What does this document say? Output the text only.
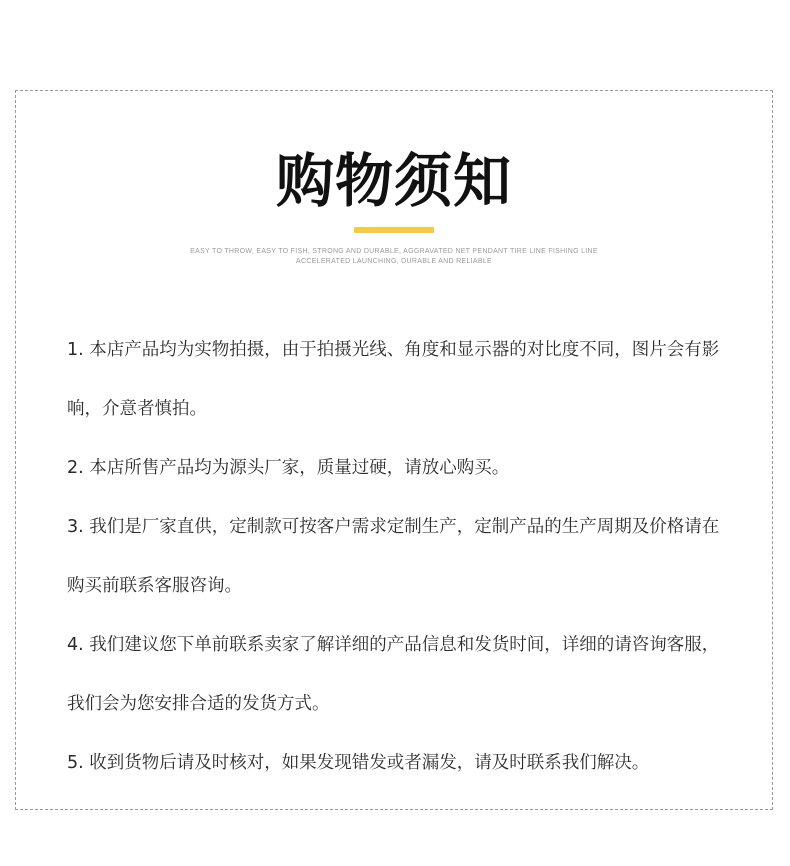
购物须知
EASY TO THROW, EASY TO FISH, STRONG AND DURABLE, AGGRAVATED NET PENDANT TIRE LINE FISHING LINE
ACCELERATED LAUNCHING, DURABLE AND RELIABLE

1. 本店产品均为实物拍摄，由于拍摄光线、角度和显示器的对比度不同，图片会有影响，介意者慎拍。

2. 本店所售产品均为源头厂家，质量过硬，请放心购买。

3. 我们是厂家直供，定制款可按客户需求定制生产，定制产品的生产周期及价格请在购买前联系客服咨询。

4. 我们建议您下单前联系卖家了解详细的产品信息和发货时间，详细的请咨询客服，我们会为您安排合适的发货方式。

5. 收到货物后请及时核对，如果发现错发或者漏发，请及时联系我们解决。
